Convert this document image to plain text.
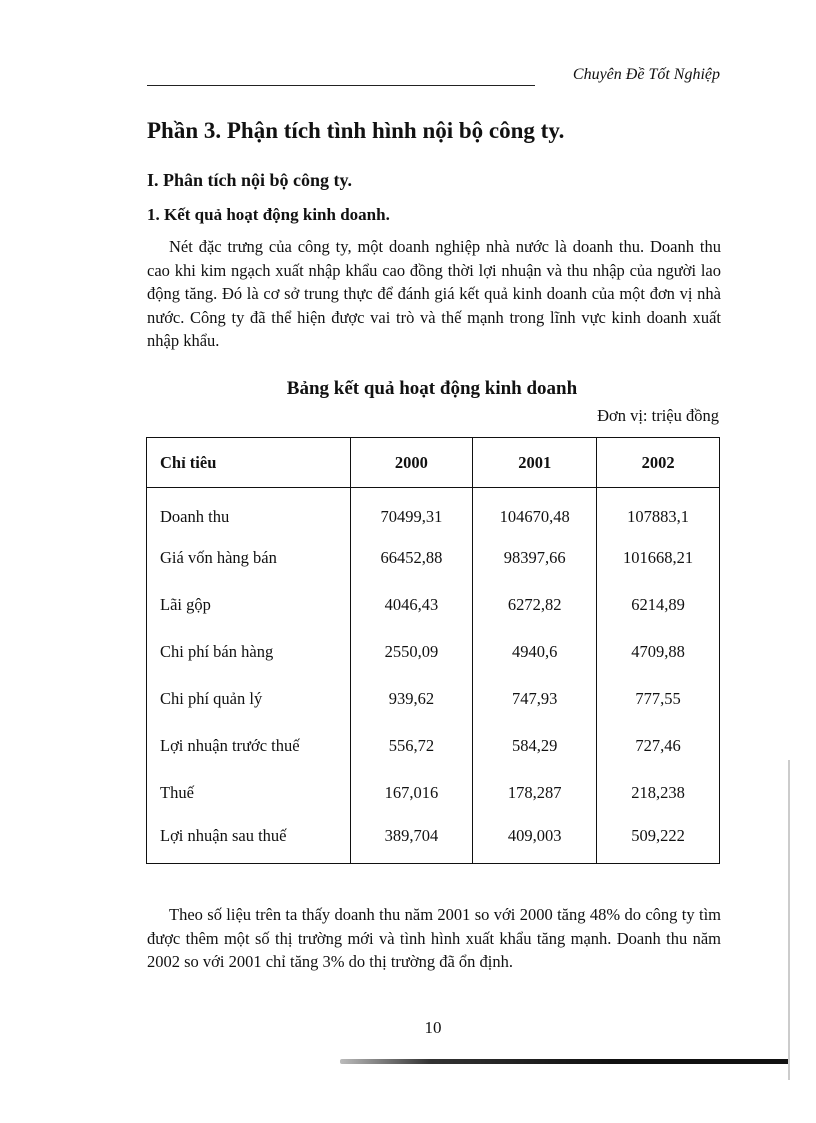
Chuyên Đề Tốt Nghiệp
Phần 3. Phận tích tình hình nội bộ công ty.
I. Phân tích nội bộ công ty.
1. Kết quả hoạt động kinh doanh.
Nét đặc trưng của công ty, một doanh nghiệp nhà nước là doanh thu. Doanh thu cao khi kim ngạch xuất nhập khẩu cao đồng thời lợi nhuận và thu nhập của người lao động tăng. Đó là cơ sở trung thực để đánh giá kết quả kinh doanh của một đơn vị nhà nước. Công ty đã thể hiện được vai trò và thế mạnh trong lĩnh vực kinh doanh xuất nhập khẩu.
Bảng kết quả hoạt động kinh doanh
Đơn vị: triệu đồng
Chỉ tiêu	2000	2001	2002
Doanh thu	70499,31	104670,48	107883,1
Giá vốn hàng bán	66452,88	98397,66	101668,21
Lãi gộp	4046,43	6272,82	6214,89
Chi phí bán hàng	2550,09	4940,6	4709,88
Chi phí quản lý	939,62	747,93	777,55
Lợi nhuận trước thuế	556,72	584,29	727,46
Thuế	167,016	178,287	218,238
Lợi nhuận sau thuế	389,704	409,003	509,222
Theo số liệu trên ta thấy doanh thu năm 2001 so với 2000 tăng 48% do công ty tìm được thêm một số thị trường mới và tình hình xuất khẩu tăng mạnh. Doanh thu năm 2002 so với 2001 chỉ tăng 3% do thị trường đã ổn định.
10
